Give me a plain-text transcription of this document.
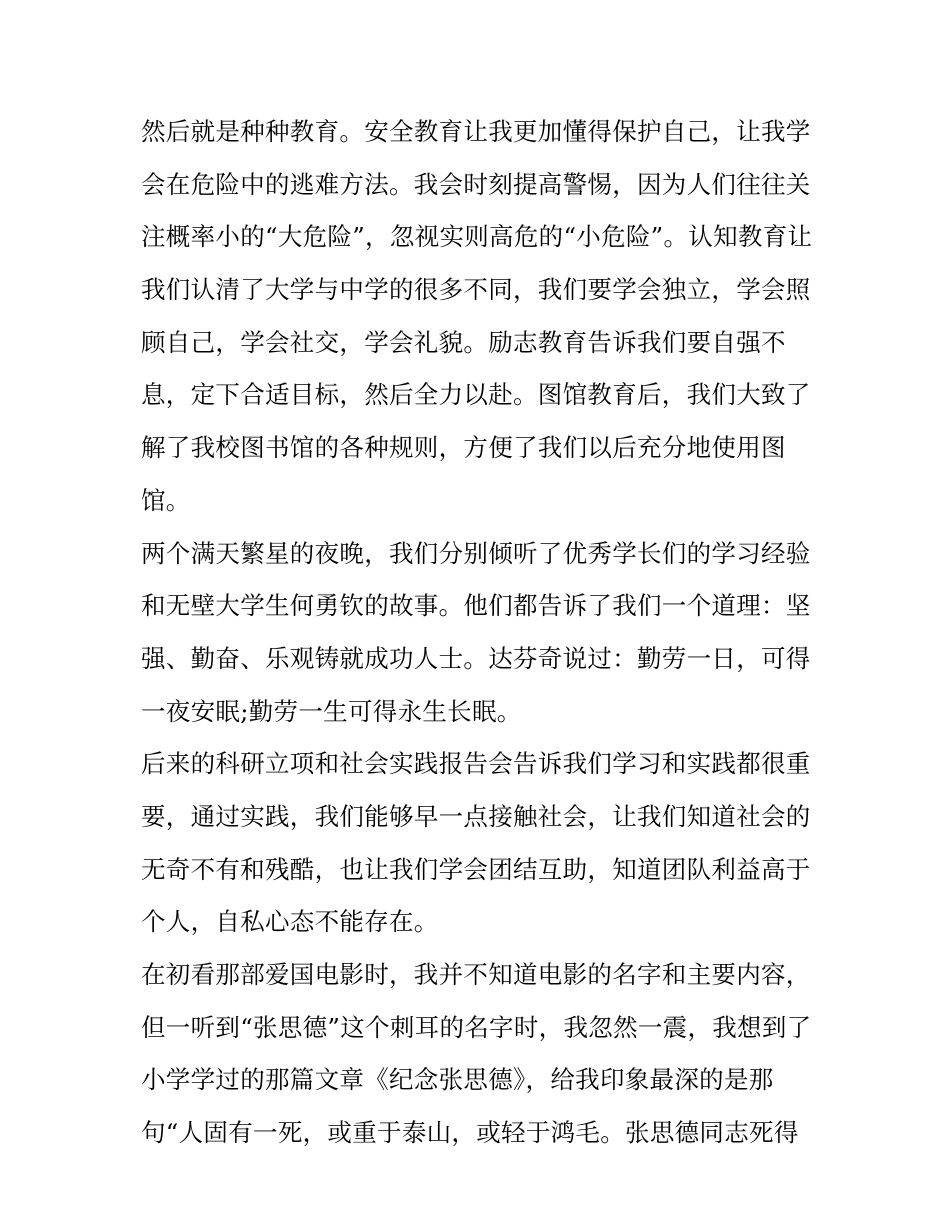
然后就是种种教育。安全教育让我更加懂得保护自己，让我学
会在危险中的逃难方法。我会时刻提高警惕，因为人们往往关
注概率小的“大危险”，忽视实则高危的“小危险”。认知教育让
我们认清了大学与中学的很多不同，我们要学会独立，学会照
顾自己，学会社交，学会礼貌。励志教育告诉我们要自强不
息，定下合适目标，然后全力以赴。图馆教育后，我们大致了
解了我校图书馆的各种规则，方便了我们以后充分地使用图
馆。
两个满天繁星的夜晚，我们分别倾听了优秀学长们的学习经验
和无壁大学生何勇钦的故事。他们都告诉了我们一个道理：坚
强、勤奋、乐观铸就成功人士。达芬奇说过：勤劳一日，可得
一夜安眠;勤劳一生可得永生长眠。
后来的科研立项和社会实践报告会告诉我们学习和实践都很重
要，通过实践，我们能够早一点接触社会，让我们知道社会的
无奇不有和残酷，也让我们学会团结互助，知道团队利益高于
个人，自私心态不能存在。
在初看那部爱国电影时，我并不知道电影的名字和主要内容，
但一听到“张思德”这个刺耳的名字时，我忽然一震，我想到了
小学学过的那篇文章《纪念张思德》，给我印象最深的是那
句“人固有一死，或重于泰山，或轻于鸿毛。张思德同志死得
